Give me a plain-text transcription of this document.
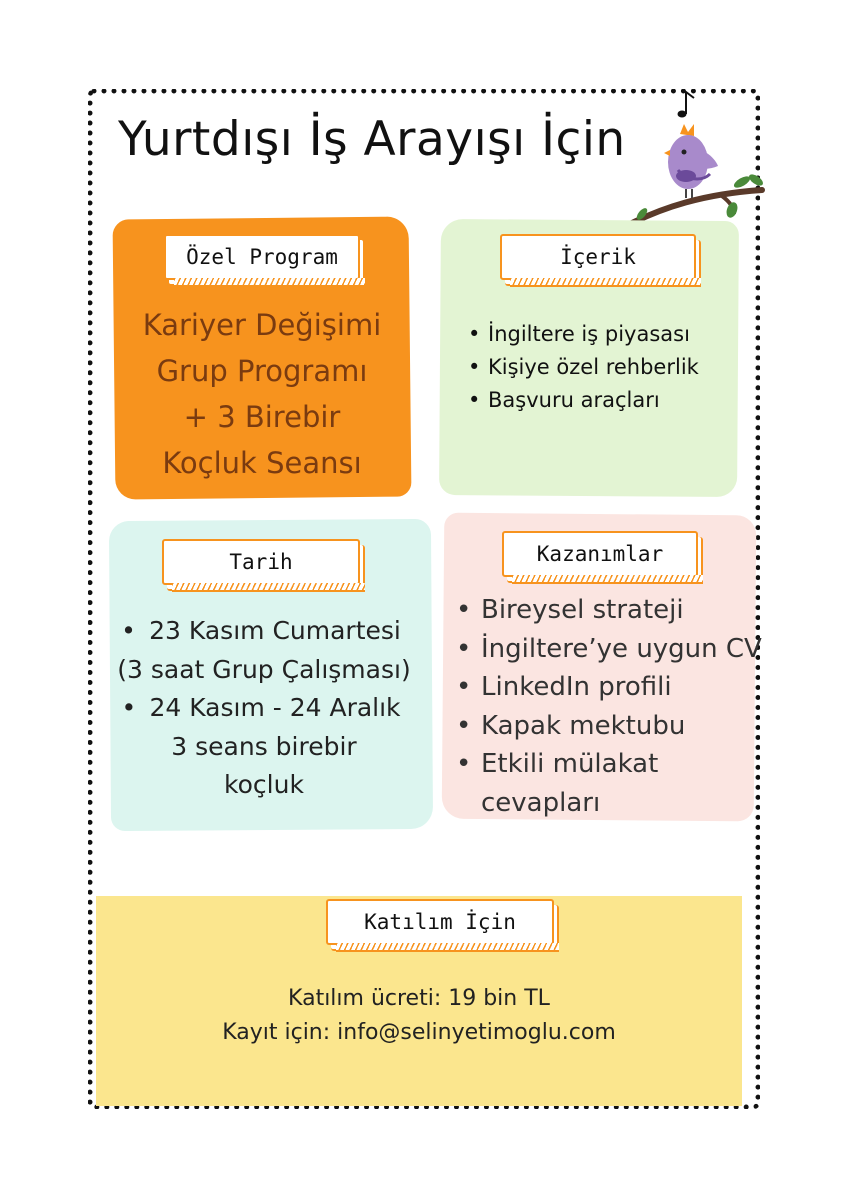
Yurtdışı İş Arayışı İçin
Özel Program
Kariyer Değişimi
Grup Programı
+ 3 Birebir
Koçluk Seansı
İçerik
• İngiltere iş piyasası
• Kişiye özel rehberlik
• Başvuru araçları
Tarih
• 23 Kasım Cumartesi
(3 saat Grup Çalışması)
• 24 Kasım - 24 Aralık
3 seans birebir
koçluk
Kazanımlar
• Bireysel strateji
• İngiltere’ye uygun CV
• LinkedIn profili
• Kapak mektubu
• Etkili mülakat
cevapları
Katılım İçin
Katılım ücreti: 19 bin TL
Kayıt için: info@selinyetimoglu.com
